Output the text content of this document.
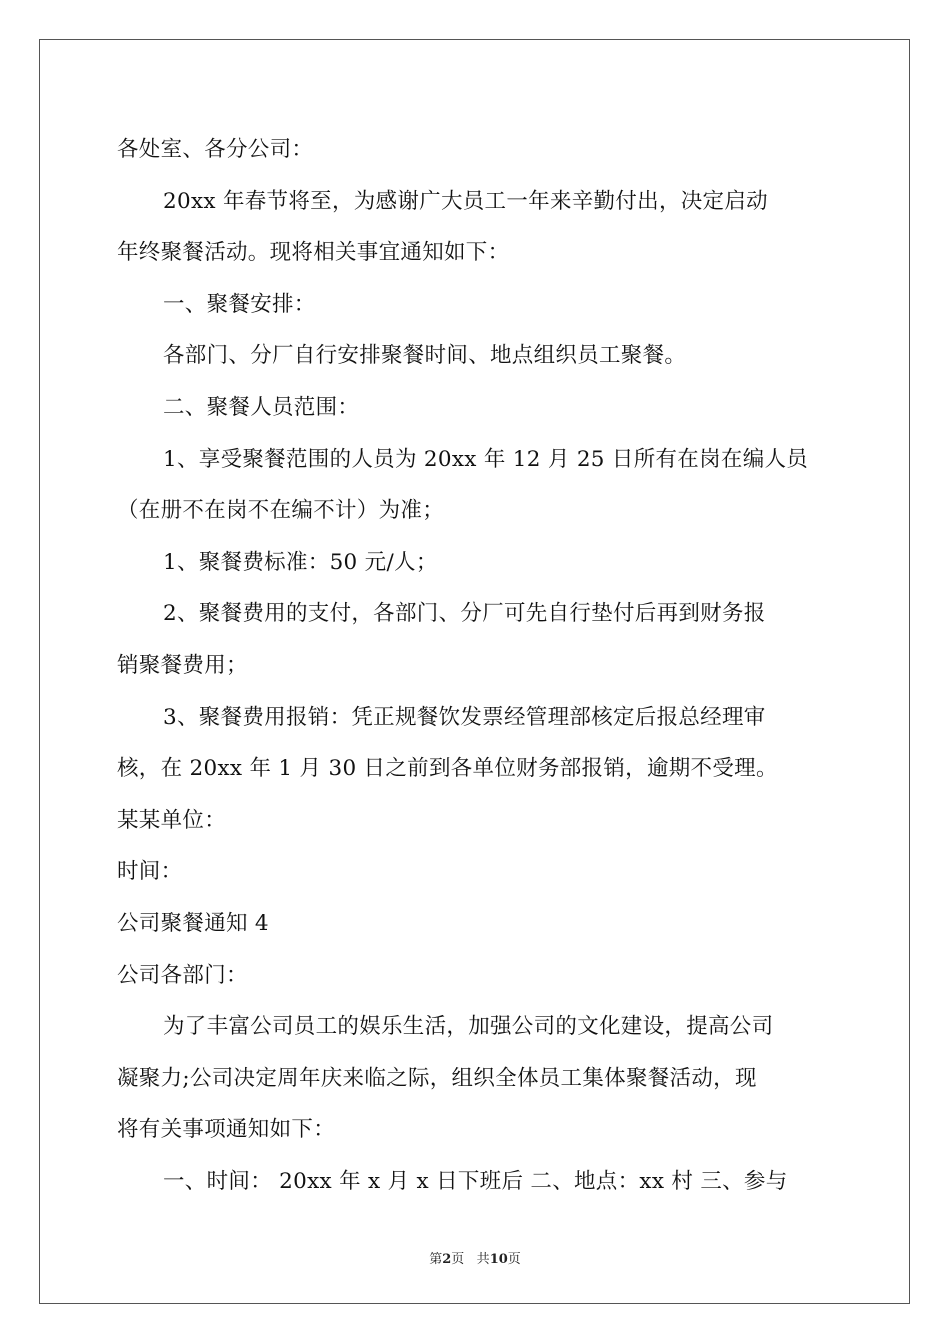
各处室、各分公司：
20xx 年春节将至，为感谢广大员工一年来辛勤付出，决定启动
年终聚餐活动。现将相关事宜通知如下：
一、聚餐安排：
各部门、分厂自行安排聚餐时间、地点组织员工聚餐。
二、聚餐人员范围：
1、享受聚餐范围的人员为 20xx 年 12 月 25 日所有在岗在编人员
（在册不在岗不在编不计）为准；
1、聚餐费标准：50 元/人；
2、聚餐费用的支付，各部门、分厂可先自行垫付后再到财务报
销聚餐费用；
3、聚餐费用报销：凭正规餐饮发票经管理部核定后报总经理审
核，在 20xx 年 1 月 30 日之前到各单位财务部报销，逾期不受理。
某某单位：
时间：
公司聚餐通知 4
公司各部门：
为了丰富公司员工的娱乐生活，加强公司的文化建设，提高公司
凝聚力;公司决定周年庆来临之际，组织全体员工集体聚餐活动，现
将有关事项通知如下：
一、时间： 20xx 年 x 月 x 日下班后 二、地点：xx 村 三、参与
第2页 共10页
